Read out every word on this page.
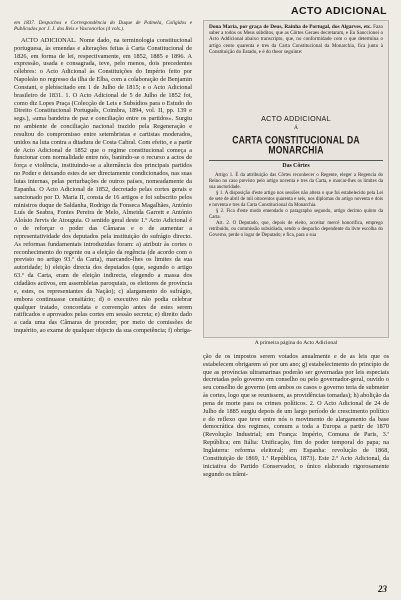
ACTO ADICIONAL

em 1837. Despachos e Correspondência do Duque de Palmela, Coligidos e Publicados por J. J. dos Reis e Vasconcelos (4 vols.).

ACTO ADICIONAL. Nome dado, na terminologia constitucional portuguesa, às emendas e alterações feitas à Carta Constitucional de 1826, em forma de lei, respectivamente, em 1852, 1885 e 1896. A expressão, usada e consagrada, teve, pelo menos, dois precedentes célebres: o Acto Adicional às Constituições do Império feito por Napoleão no regresso da ilha de Elba, com a colaboração de Benjamin Constant, e plebiscitado em 1 de Julho de 1815; e o Acto Adicional brasileiro de 1831. 1. O Acto Adicional de 5 de Julho de 1852 foi, como diz Lopes Praça (Colecção de Leis e Subsídios para o Estudo do Direito Constitucional Português, Coimbra, 1894, vol. II, pp. 139 e segs.), «uma bandeira de paz e conciliação entre os partidos». Surgiu no ambiente de conciliação nacional trazido pela Regeneração e resultou do compromisso entre setembristas e cartistas moderados, unidos na luta contra a ditadura de Costa Cabral. Com efeito, e a partir de Acto Adicional de 1852 que o regime constitucional começa a funcionar com normalidade entre nós, banindo-se o recurso a actos de força e violência, instituindo-se a alternância dos principais partidos no Poder e deixando estes de ser directamente condicionados, nas suas lutas internas, pelas perturbações de outros países, nomeadamente da Espanha. O Acto Adicional de 1852, decretado pelas cortes gerais e sancionado por D. Maria II, consta de 16 artigos e foi subscrito pelos ministros duque de Saldanha, Rodrigo da Fonseca Magalhães, António Luís de Seabra, Fontes Pereira de Melo, Almeida Garrett e António Aloísio Jervis de Atouguia. O sentido geral deste 1.º Acto Adicional é o de reforçar o poder das Câmaras e o de aumentar a representatividade dos deputados pela instituição do sufrágio directo. As reformas fundamentais introduzidas foram: a) atribuir às cortes o reconhecimento do regente ou a eleição da regência (de acordo com o previsto no artigo 93.º da Carta), marcando-lhes os limites da sua autoridade; b) eleição directa dos deputados (que, segundo o artigo 63.º da Carta, eram de eleição indirecta, elegendo a massa dos cidadãos activos, em assembleias paroquiais, os eleitores de província e, estes, os representantes da Nação); c) alargamento do sufrágio, embora continuasse censitário; d) o executivo não podia celebrar qualquer tratado, concordata e convenção antes de estes serem ratificados e aprovados pelas cortes em sessão secreta; e) direito dado a cada uma das Câmaras de proceder, por meio de comissões de inquérito, ao exame de qualquer objecto da sua competência; f) obriga-

Dona Maria, por graça de Deus, Rainha de Portugal, dos Algarves, etc. Fazo saber a todos os Meus súbditos, que as Côrtes Geraes decretaram, e Eu Sanccionei o Acto Addicional abaixo transcripto, que, no conformidade com o que determina o artigo cento quarenta e tres da Carta Constitucional da Monarchia, fica junto à Constituição do Estado, e é do theor seguinte:
ACTO ADDICIONAL
Á
CARTA CONSTITUCIONAL DA MONARCHIA
Das Côrtes

Artigo 1. É da attribuição das Côrtes reconhecer o Regente, eleger a Regencia do Reino no caso previsto pelo artigo noventa e tres da Carta, e marcar-lhes os limites da sua auctoridade.

§ 1. A disposição d'este artigo nos sessões não altera o que foi estabelecido pela Lei de sete de abril de mil oitocentos quarenta e seis, nos diplomas do artigo noventa e dois e noventa e tres da Carta Constitucional da Monarchia.

§ 2. Fica d'este modo emendado o paragrapho segundo, artigo decimo quinto da Carta.

Art. 2. O Deputado, que, depois de eleito, acceitar mercê honorifica, emprego retribuido, ou commissão subsidiada, sendo o despacho dependente da livre escolha do Governo, perde o logar de Deputado; e fica, para o sua

A primeira página do Acto Adicional

ção de os impostos serem votados anualmente e de as leis que os estabelecem obrigarem só por um ano; g) estabelecimento do princípio de que as províncias ultramarinas poderão ser governadas por leis especiais decretadas pelo governo em conselho ou pelo governador-geral, ouvido o seu conselho de governo (em ambos os casos o governo teria de submeter às cortes, logo que se reunissem, as providências tomadas); h) abolição da pena de morte para os crimes políticos. 2. O Acto Adicional de 24 de Julho de 1885 surgiu depois de um largo período de crescimento político e do reflexo que teve entre nós o movimento de alargamento da base democrática dos regimes, comum a toda a Europa a partir de 1870 (Revolução Industrial; em França: Império, Comuna de Paris, 3.ª República; em Itália: Unificação, fim do poder temporal do papa; na Inglaterra: reforma eleitoral; em Espanha: revolução de 1868, Constituição de 1869, 1.ª República, 1873). Este 2.º Acto Adicional, da iniciativa do Partido Conservador, o único elaborado rigorosamente segundo os trâmi-

23
